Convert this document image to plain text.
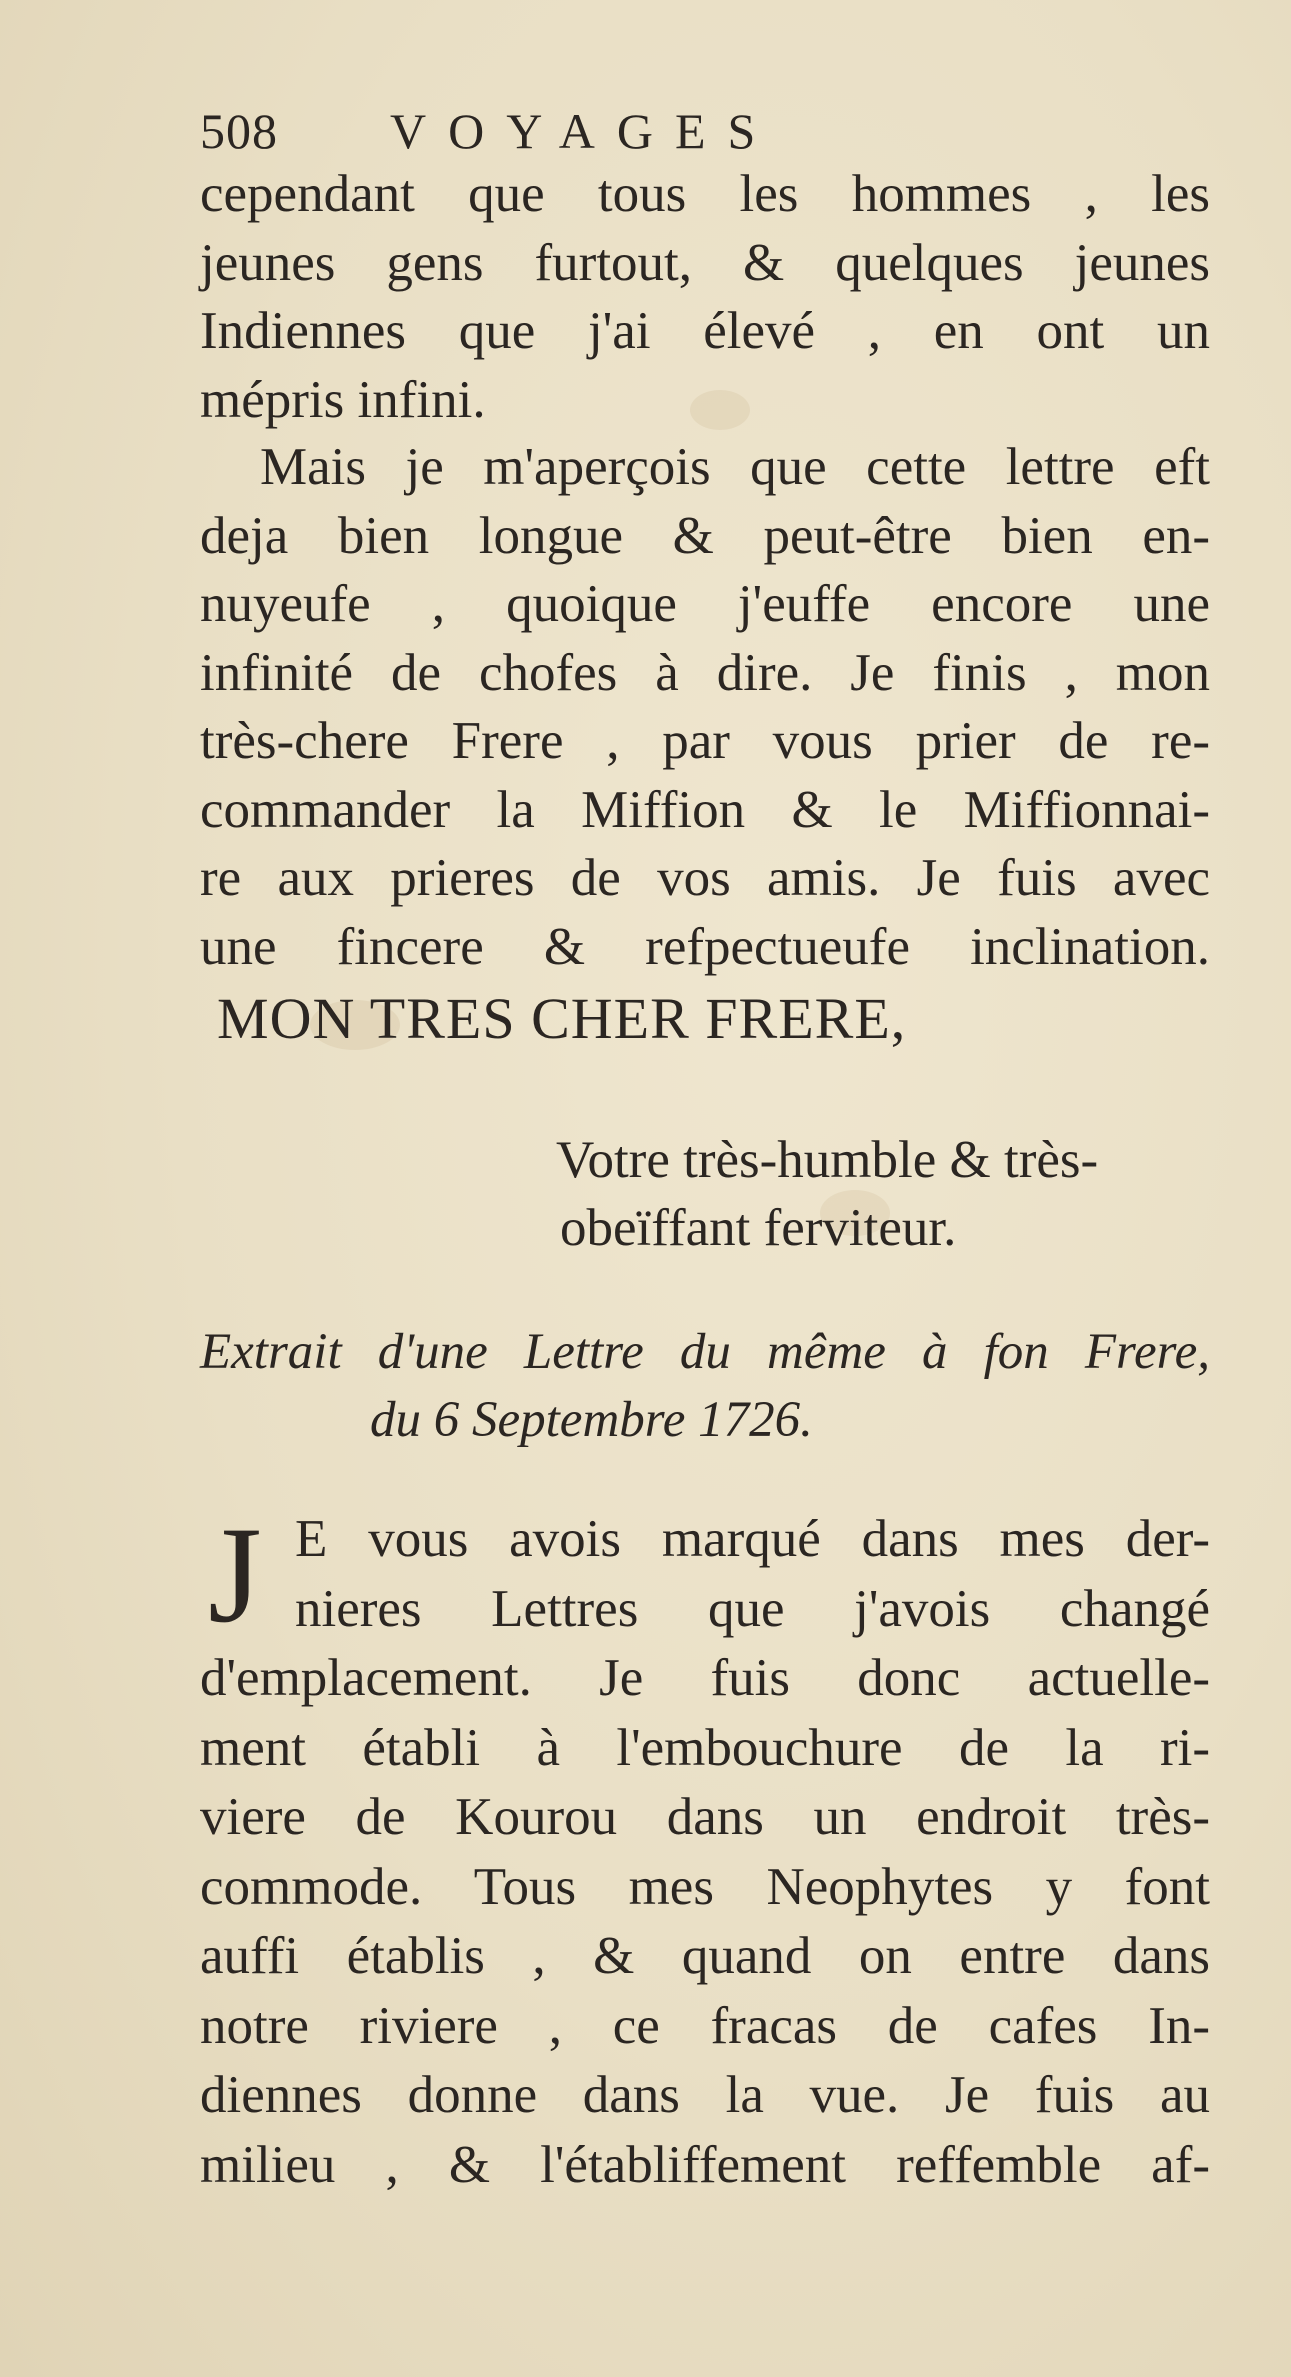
508 VOYAGES
cependant que tous les hommes , les
jeunes gens furtout, & quelques jeunes
Indiennes que j'ai élevé , en ont un
mépris infini.
Mais je m'aperçois que cette lettre eft
deja bien longue & peut-être bien en-
nuyeufe , quoique j'euffe encore une
infinité de chofes à dire. Je finis , mon
très-chere Frere , par vous prier de re-
commander la Miffion & le Miffionnai-
re aux prieres de vos amis. Je fuis avec
une fincere & refpectueufe inclination.
MON TRES CHER FRERE,
Votre très-humble & très-
obeïffant ferviteur.
Extrait d'une Lettre du même à fon Frere,
du 6 Septembre 1726.
J E vous avois marqué dans mes der-
nieres Lettres que j'avois changé
d'emplacement. Je fuis donc actuelle-
ment établi à l'embouchure de la ri-
viere de Kourou dans un endroit très-
commode. Tous mes Neophytes y font
auffi établis , & quand on entre dans
notre riviere , ce fracas de cafes In-
diennes donne dans la vue. Je fuis au
milieu , & l'établiffement reffemble af-
